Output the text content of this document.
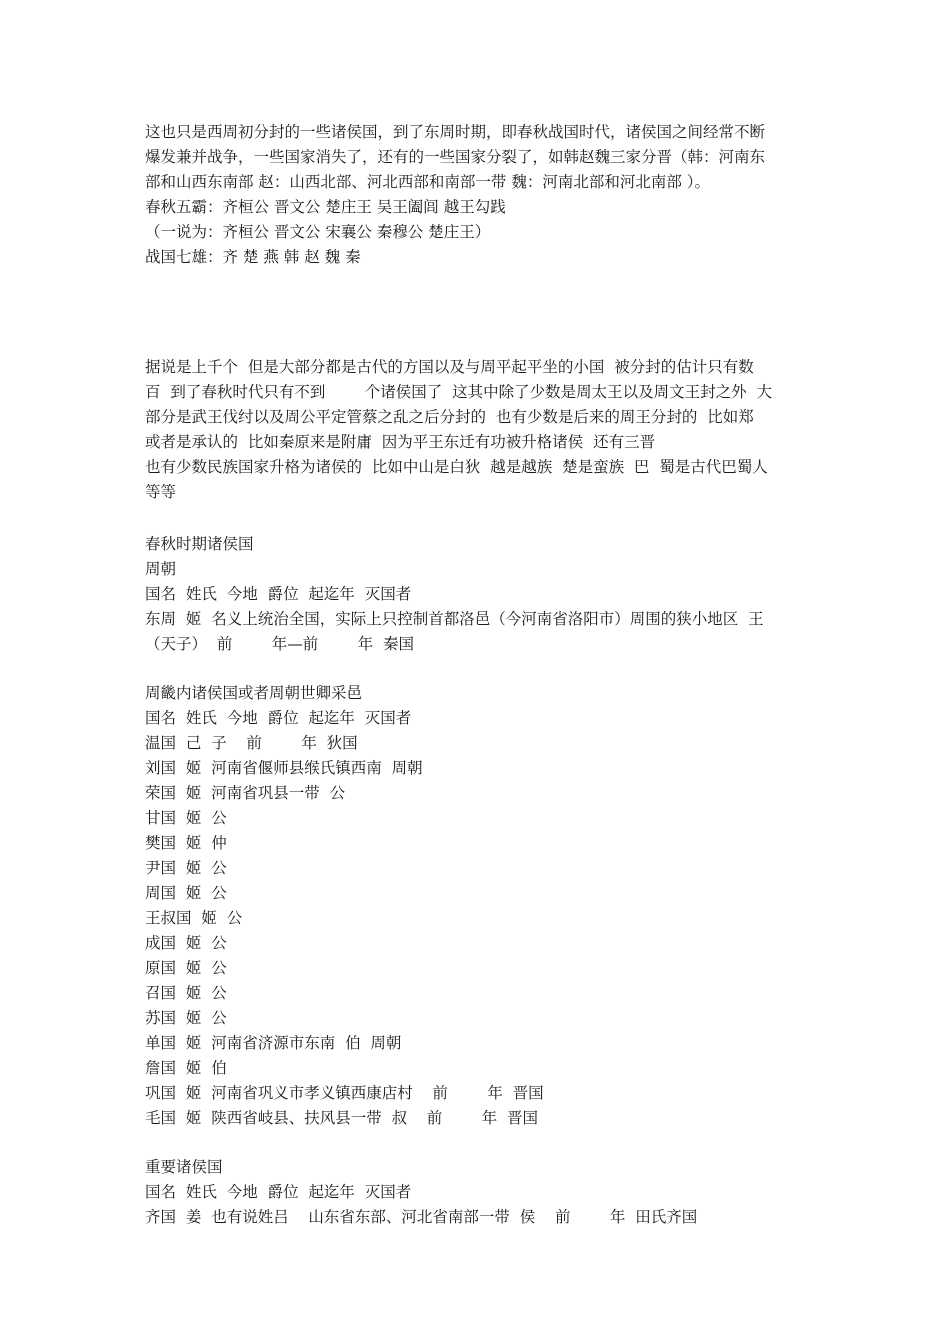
这也只是西周初分封的一些诸侯国，到了东周时期，即春秋战国时代，诸侯国之间经常不断
爆发兼并战争，一些国家消失了，还有的一些国家分裂了，如韩赵魏三家分晋（韩：河南东
部和山西东南部 赵：山西北部、河北西部和南部一带 魏：河南北部和河北南部 ）。
春秋五霸：齐桓公 晋文公 楚庄王 吴王阖闾 越王勾践
（一说为：齐桓公 晋文公 宋襄公 秦穆公 楚庄王）
战国七雄：齐 楚 燕 韩 赵 魏 秦
据说是上千个  但是大部分都是古代的方国以及与周平起平坐的小国  被分封的估计只有数
百  到了春秋时代只有不到        个诸侯国了  这其中除了少数是周太王以及周文王封之外  大
部分是武王伐纣以及周公平定管蔡之乱之后分封的  也有少数是后来的周王分封的  比如郑
或者是承认的  比如秦原来是附庸  因为平王东迁有功被升格诸侯  还有三晋
也有少数民族国家升格为诸侯的  比如中山是白狄  越是越族  楚是蛮族  巴  蜀是古代巴蜀人
等等
春秋时期诸侯国
周朝
国名  姓氏  今地  爵位  起迄年  灭国者
东周  姬  名义上统治全国，实际上只控制首都洛邑（今河南省洛阳市）周围的狭小地区  王
（天子）  前        年—前        年  秦国
周畿内诸侯国或者周朝世卿采邑
国名  姓氏  今地  爵位  起迄年  灭国者
温国  己  子    前        年  狄国
刘国  姬  河南省偃师县缑氏镇西南  周朝
荣国  姬  河南省巩县一带  公
甘国  姬  公
樊国  姬  仲
尹国  姬  公
周国  姬  公
王叔国  姬  公
成国  姬  公
原国  姬  公
召国  姬  公
苏国  姬  公
单国  姬  河南省济源市东南  伯  周朝
詹国  姬  伯
巩国  姬  河南省巩义市孝义镇西康店村    前        年  晋国
毛国  姬  陕西省岐县、扶风县一带  叔    前        年  晋国
重要诸侯国
国名  姓氏  今地  爵位  起迄年  灭国者
齐国  姜  也有说姓吕    山东省东部、河北省南部一带  侯    前        年  田氏齐国
